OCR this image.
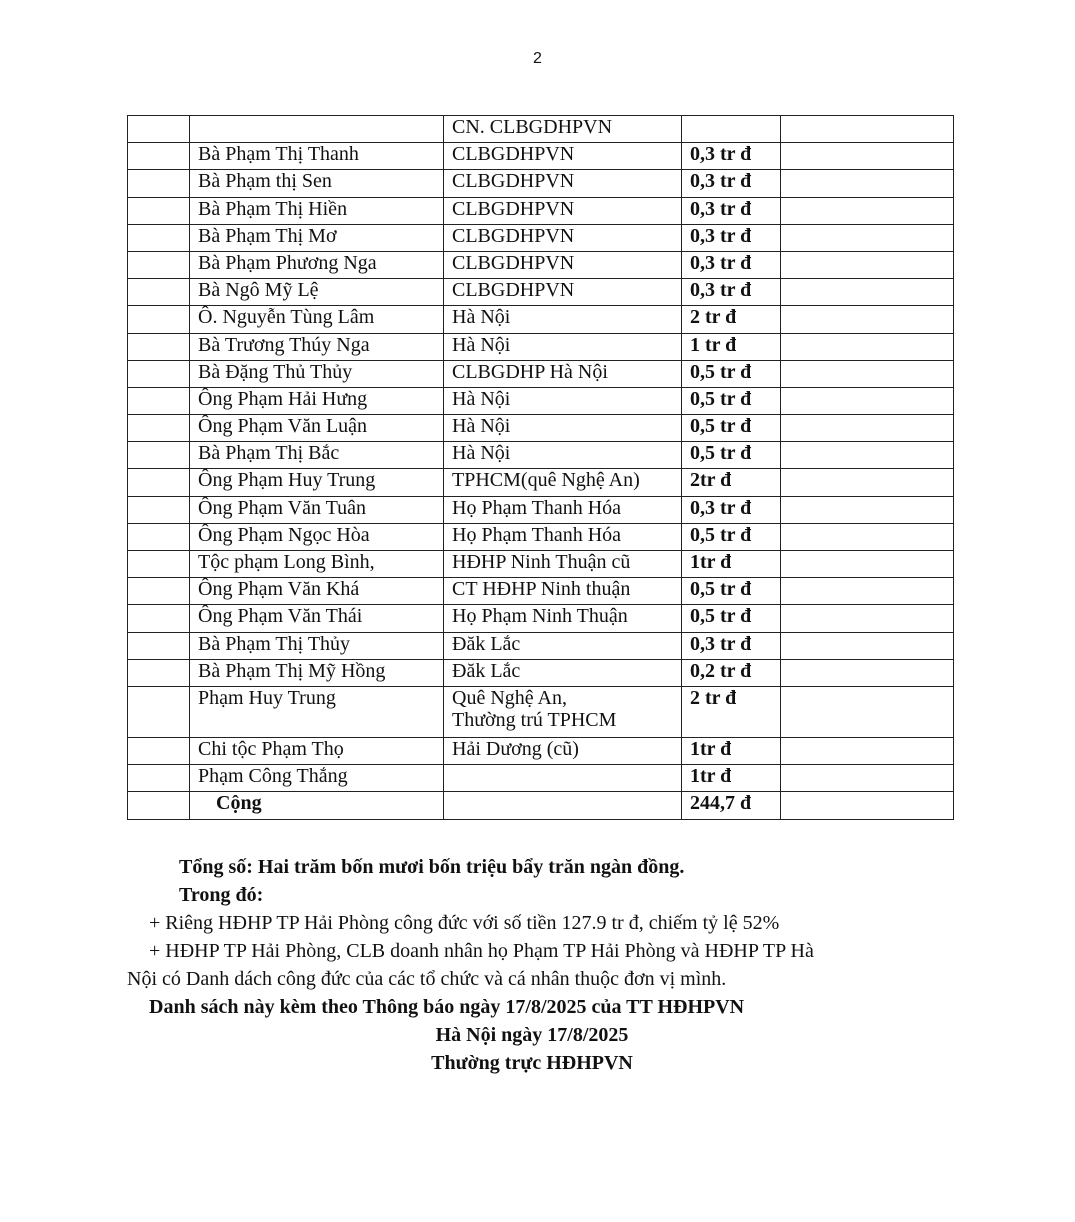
2
		CN. CLBGDHPVN		
	Bà Phạm Thị Thanh	CLBGDHPVN	0,3 tr đ	
	Bà Phạm thị Sen	CLBGDHPVN	0,3 tr đ	
	Bà Phạm Thị Hiền	CLBGDHPVN	0,3 tr đ	
	Bà Phạm Thị Mơ	CLBGDHPVN	0,3 tr đ	
	Bà Phạm Phương Nga	CLBGDHPVN	0,3 tr đ	
	Bà Ngô Mỹ Lệ	CLBGDHPVN	0,3 tr đ	
	Ô. Nguyễn Tùng Lâm	Hà Nội	2 tr đ	
	Bà Trương Thúy Nga	Hà Nội	1 tr đ	
	Bà Đặng Thủ Thủy	CLBGDHP Hà Nội	0,5 tr đ	
	Ông Phạm Hải Hưng	Hà Nội	0,5 tr đ	
	Ông Phạm Văn Luận	Hà Nội	0,5 tr đ	
	Bà Phạm Thị Bắc	Hà Nội	0,5 tr đ	
	Ông Phạm Huy Trung	TPHCM(quê Nghệ An)	2tr đ	
	Ông Phạm Văn Tuân	Họ Phạm Thanh Hóa	0,3 tr đ	
	Ông Phạm Ngọc Hòa	Họ Phạm Thanh Hóa	0,5 tr đ	
	Tộc phạm Long Bình,	HĐHP Ninh Thuận cũ	1tr đ	
	Ông Phạm Văn Khá	CT HĐHP Ninh thuận	0,5 tr đ	
	Ông Phạm Văn Thái	Họ Phạm Ninh Thuận	0,5 tr đ	
	Bà Phạm Thị Thủy	Đăk Lắc	0,3 tr đ	
	Bà Phạm Thị Mỹ Hồng	Đăk Lắc	0,2 tr đ	
	Phạm Huy Trung	Quê Nghệ An,
Thường trú TPHCM	2 tr đ	
	Chi tộc Phạm Thọ	Hải Dương (cũ)	1tr đ	
	Phạm Công Thắng		1tr đ	
	Cộng		244,7 đ	

Tổng số: Hai trăm bốn mươi bốn triệu bẩy trăn ngàn đồng.

Trong đó:

+ Riêng HĐHP TP Hải Phòng công đức với số tiền 127.9 tr đ, chiếm tỷ lệ 52%

+ HĐHP TP Hải Phòng, CLB doanh nhân họ Phạm TP Hải Phòng và HĐHP TP Hà

Nội có Danh dách công đức của các tổ chức và cá nhân thuộc đơn vị mình.

Danh sách này kèm theo Thông báo ngày 17/8/2025 của TT HĐHPVN

Hà Nội ngày 17/8/2025

Thường trực HĐHPVN
